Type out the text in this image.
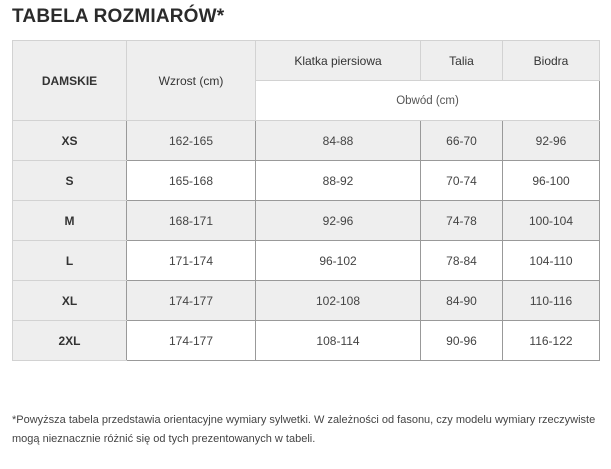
TABELA ROZMIARÓW*
DAMSKIE	Wzrost (cm)	Klatka piersiowa	Talia	Biodra
		Obwód (cm)		
XS	162-165	84-88	66-70	92-96
S	165-168	88-92	70-74	96-100
M	168-171	92-96	74-78	100-104
L	171-174	96-102	78-84	104-110
XL	174-177	102-108	84-90	110-116
2XL	174-177	108-114	90-96	116-122
*Powyższa tabela przedstawia orientacyjne wymiary sylwetki. W zależności od fasonu, czy modelu wymiary rzeczywiste mogą nieznacznie różnić się od tych prezentowanych w tabeli.
